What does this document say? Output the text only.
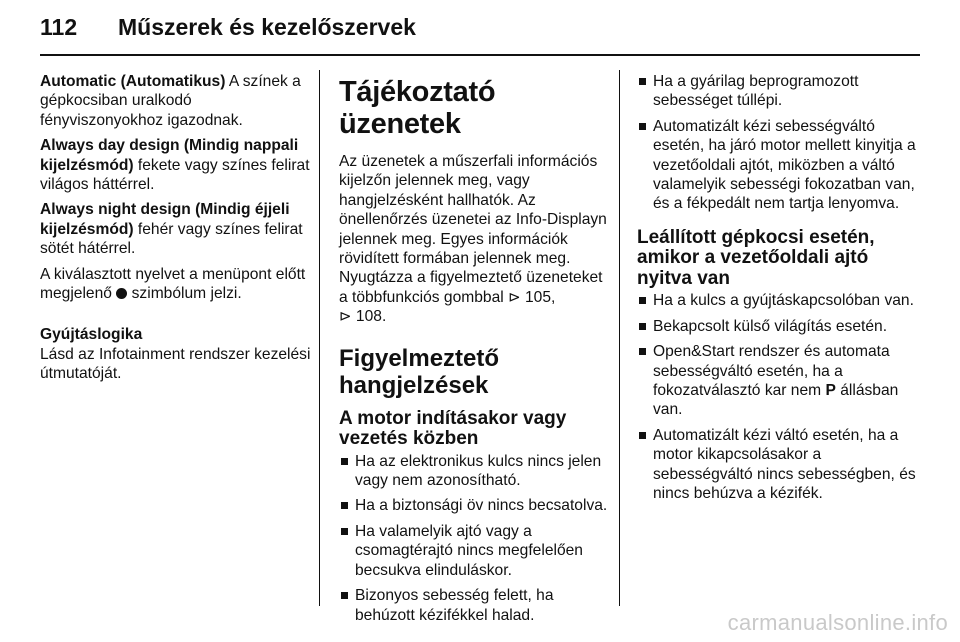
112 Műszerek és kezelőszervek

Automatic (Automatikus) A színek a gépkocsiban uralkodó fényviszonyokhoz igazodnak.

Always day design (Mindig nappali kijelzésmód) fekete vagy színes felirat világos háttérrel.

Always night design (Mindig éjjeli kijelzésmód) fehér vagy színes felirat sötét hátérrel.

A kiválasztott nyelvet a menüpont előtt megjelenő  szimbólum jelzi.

Gyújtáslogika

Lásd az Infotainment rendszer kezelési útmutatóját.

Tájékoztató üzenetek

Az üzenetek a műszerfali információs kijelzőn jelennek meg, vagy hangjelzésként hallhatók. Az önellenőrzés üzenetei az Info-Displayn jelennek meg. Egyes információk rövidített formában jelennek meg. Nyugtázza a figyelmeztető üzeneteket a többfunkciós gombbal ⊳ 105,
⊳ 108.

Figyelmeztető hangjelzések
A motor indításakor vagy vezetés közben
Ha az elektronikus kulcs nincs jelen vagy nem azonosítható.
Ha a biztonsági öv nincs becsatolva.
Ha valamelyik ajtó vagy a csomagtérajtó nincs megfelelően becsukva elinduláskor.
Bizonyos sebesség felett, ha behúzott kézifékkel halad.
Ha a gyárilag beprogramozott sebességet túllépi.
Automatizált kézi sebességváltó esetén, ha járó motor mellett kinyitja a vezetőoldali ajtót, miközben a váltó valamelyik sebességi fokozatban van, és a fékpedált nem tartja lenyomva.
Leállított gépkocsi esetén, amikor a vezetőoldali ajtó nyitva van
Ha a kulcs a gyújtáskapcsolóban van.
Bekapcsolt külső világítás esetén.
Open&Start rendszer és automata sebességváltó esetén, ha a fokozatválasztó kar nem P állásban van.
Automatizált kézi váltó esetén, ha a motor kikapcsolásakor a sebességváltó nincs sebességben, és nincs behúzva a kézifék.
carmanualsonline.info
